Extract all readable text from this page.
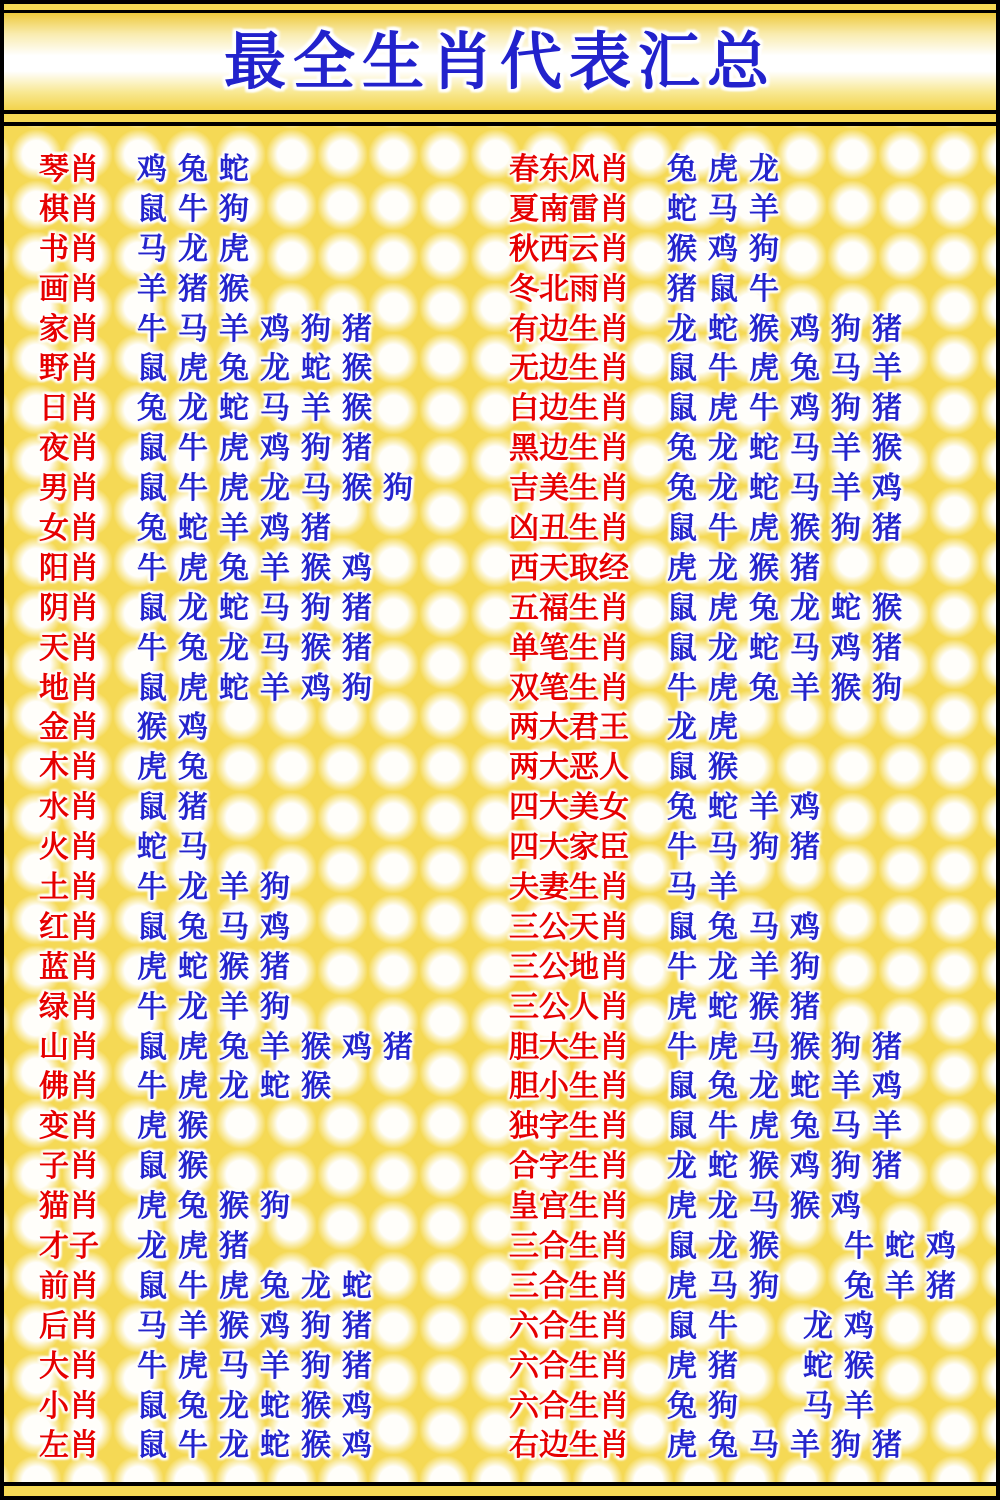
最全生肖代表汇总
琴肖	鸡 兔 蛇
棋肖	鼠 牛 狗
书肖	马 龙 虎
画肖	羊 猪 猴
家肖	牛 马 羊 鸡 狗 猪
野肖	鼠 虎 兔 龙 蛇 猴
日肖	兔 龙 蛇 马 羊 猴
夜肖	鼠 牛 虎 鸡 狗 猪
男肖	鼠 牛 虎 龙 马 猴 狗
女肖	兔 蛇 羊 鸡 猪
阳肖	牛 虎 兔 羊 猴 鸡
阴肖	鼠 龙 蛇 马 狗 猪
天肖	牛 兔 龙 马 猴 猪
地肖	鼠 虎 蛇 羊 鸡 狗
金肖	猴 鸡
木肖	虎 兔
水肖	鼠 猪
火肖	蛇 马
土肖	牛 龙 羊 狗
红肖	鼠 兔 马 鸡
蓝肖	虎 蛇 猴 猪
绿肖	牛 龙 羊 狗
山肖	鼠 虎 兔 羊 猴 鸡 猪
佛肖	牛 虎 龙 蛇 猴
变肖	虎 猴
子肖	鼠 猴
猫肖	虎 兔 猴 狗
才子	龙 虎 猪
前肖	鼠 牛 虎 兔 龙 蛇
后肖	马 羊 猴 鸡 狗 猪
大肖	牛 虎 马 羊 狗 猪
小肖	鼠 兔 龙 蛇 猴 鸡
左肖	鼠 牛 龙 蛇 猴 鸡
春东风肖	兔 虎 龙
夏南雷肖	蛇 马 羊
秋西云肖	猴 鸡 狗
冬北雨肖	猪 鼠 牛
有边生肖	龙 蛇 猴 鸡 狗 猪
无边生肖	鼠 牛 虎 兔 马 羊
白边生肖	鼠 虎 牛 鸡 狗 猪
黑边生肖	兔 龙 蛇 马 羊 猴
吉美生肖	兔 龙 蛇 马 羊 鸡
凶丑生肖	鼠 牛 虎 猴 狗 猪
西天取经	虎 龙 猴 猪
五福生肖	鼠 虎 兔 龙 蛇 猴
单笔生肖	鼠 龙 蛇 马 鸡 猪
双笔生肖	牛 虎 兔 羊 猴 狗
两大君王	龙 虎
两大恶人	鼠 猴
四大美女	兔 蛇 羊 鸡
四大家臣	牛 马 狗 猪
夫妻生肖	马 羊
三公天肖	鼠 兔 马 鸡
三公地肖	牛 龙 羊 狗
三公人肖	虎 蛇 猴 猪
胆大生肖	牛 虎 马 猴 狗 猪
胆小生肖	鼠 兔 龙 蛇 羊 鸡
独字生肖	鼠 牛 虎 兔 马 羊
合字生肖	龙 蛇 猴 鸡 狗 猪
皇宫生肖	虎 龙 马 猴 鸡
三合生肖	鼠 龙 猴 牛 蛇 鸡
三合生肖	虎 马 狗 兔 羊 猪
六合生肖	鼠 牛 龙 鸡
六合生肖	虎 猪 蛇 猴
六合生肖	兔 狗 马 羊
右边生肖	虎 兔 马 羊 狗 猪
